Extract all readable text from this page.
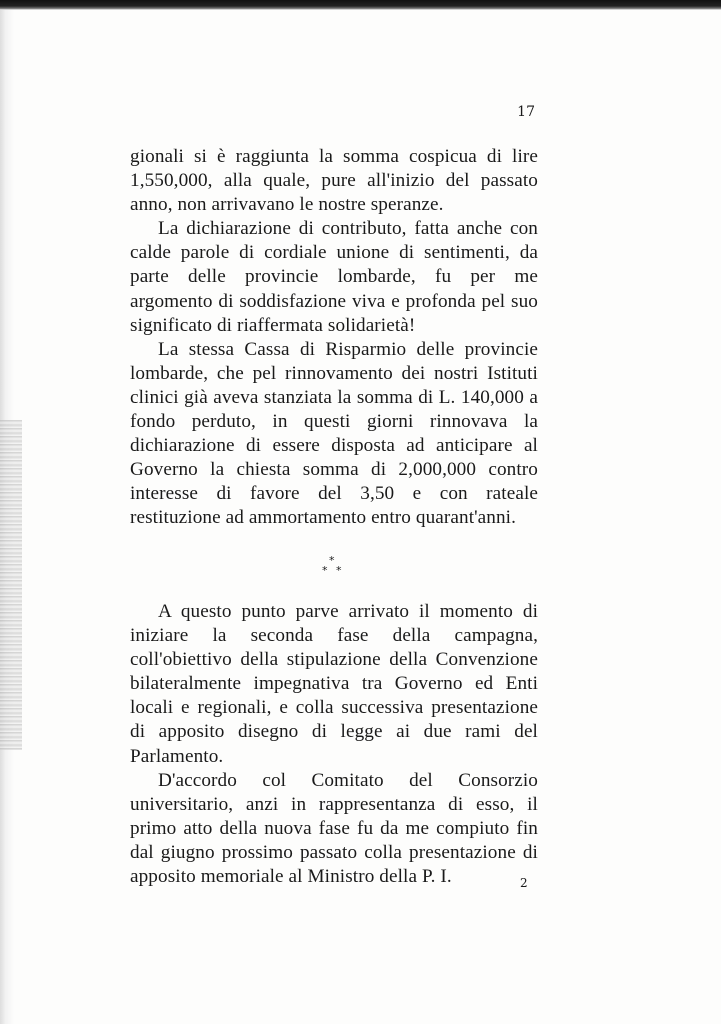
17

gionali si è raggiunta la somma cospicua di lire 1,550,000, alla quale, pure all'inizio del passato anno, non arrivavano le nostre speranze.

La dichiarazione di contributo, fatta anche con calde parole di cordiale unione di sentimenti, da parte delle provincie lombarde, fu per me argomento di soddisfazione viva e profonda pel suo significato di riaffermata solidarietà!

La stessa Cassa di Risparmio delle provincie lombarde, che pel rinnovamento dei nostri Istituti clinici già aveva stanziata la somma di L. 140,000 a fondo perduto, in questi giorni rinnovava la dichiarazione di essere disposta ad anticipare al Governo la chiesta somma di 2,000,000 contro interesse di favore del 3,50 e con rateale restituzione ad ammortamento entro quarant'anni.

*
* *

A questo punto parve arrivato il momento di iniziare la seconda fase della campagna, coll'obiettivo della stipulazione della Convenzione bilateralmente impegnativa tra Governo ed Enti locali e regionali, e colla successiva presentazione di apposito disegno di legge ai due rami del Parlamento.

D'accordo col Comitato del Consorzio universitario, anzi in rappresentanza di esso, il primo atto della nuova fase fu da me compiuto fin dal giugno prossimo passato colla presentazione di apposito memoriale al Ministro della P. I.	2
